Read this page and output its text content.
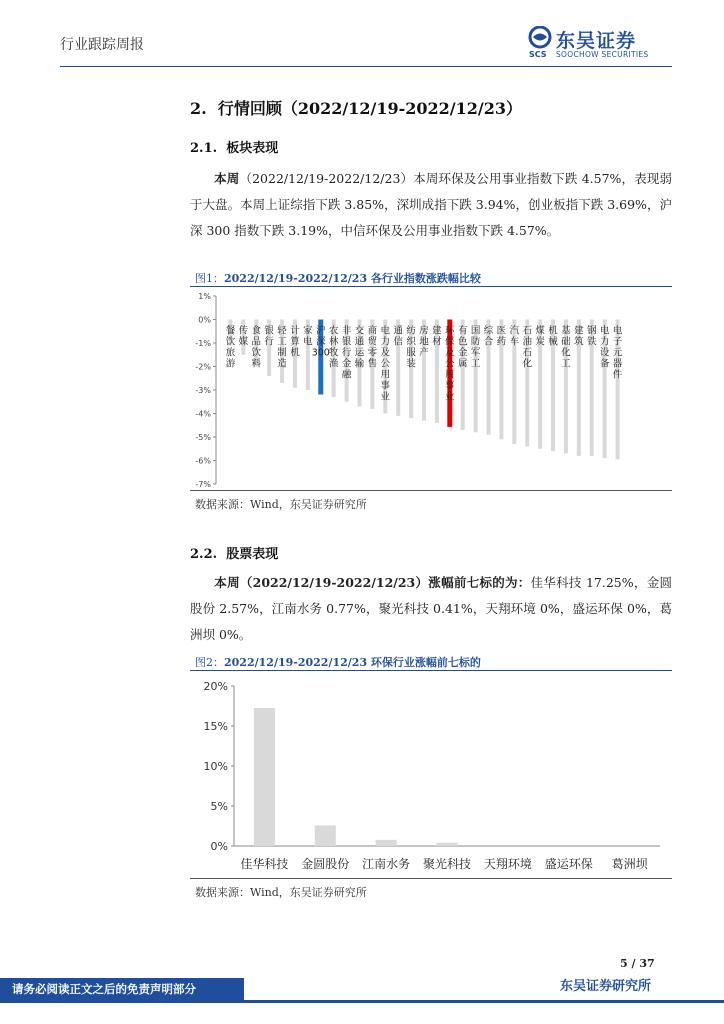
行业跟踪周报
SCS
东吴证券
SOOCHOW SECURITIES
2. 行情回顾（2022/12/19-2022/12/23）
2.1. 板块表现
本周（2022/12/19-2022/12/23）本周环保及公用事业指数下跌 4.57%，表现弱于大盘。本周上证综指下跌 3.85%，深圳成指下跌 3.94%，创业板指下跌 3.69%，沪深 300 指数下跌 3.19%，中信环保及公用事业指数下跌 4.57%。
图1：2022/12/19-2022/12/23 各行业指数涨跌幅比较
1%
0%
-1%
-2%
-3%
-4%
-5%
-6%
-7%
餐饮旅游
传媒
食品饮料
银行
轻工制造
计算机
家电
沪深 300
农林牧渔
非银行金融
交通运输
商贸零售
电力及公用事业
通信
纺织服装
房地产
建材
环保及公用事业
有色金属
国防军工
综合
医药
汽车
石油石化
煤炭
机械
基础化工
建筑
钢铁
电力设备
电子元器件
数据来源：Wind，东吴证券研究所
2.2. 股票表现
本周（2022/12/19-2022/12/23）涨幅前七标的为：佳华科技 17.25%，金圆股份 2.57%，江南水务 0.77%，聚光科技 0.41%，天翔环境 0%，盛运环保 0%，葛洲坝 0%。
图2：2022/12/19-2022/12/23 环保行业涨幅前七标的
20%
15%
10%
5%
0%
佳华科技 金圆股份 江南水务 聚光科技 天翔环境 盛运环保 葛洲坝
数据来源：Wind，东吴证券研究所
5 / 37
东吴证券研究所
请务必阅读正文之后的免责声明部分
